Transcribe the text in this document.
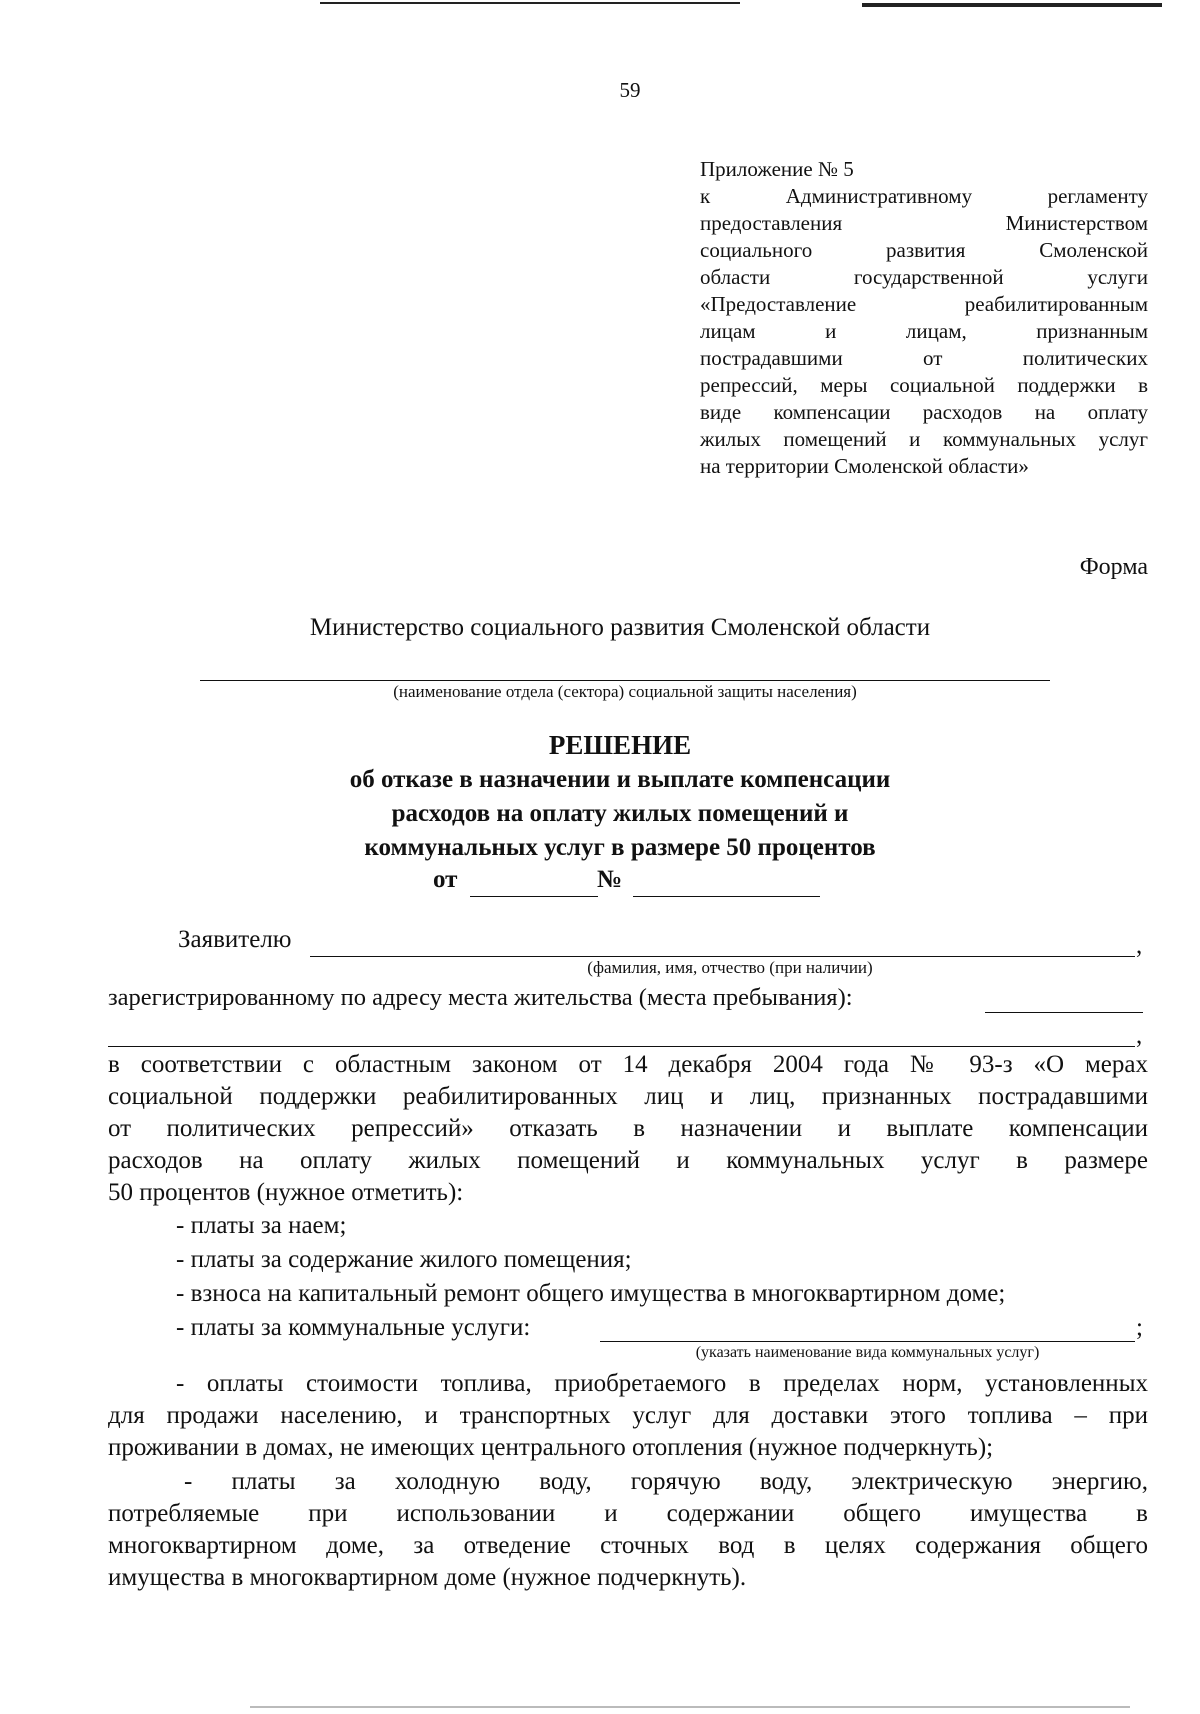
59
Приложение № 5
к Административному регламенту
предоставления Министерством
социального развития Смоленской
области государственной услуги
«Предоставление реабилитированным
лицам и лицам, признанным
пострадавшими от политических
репрессий, меры социальной поддержки в
виде компенсации расходов на оплату
жилых помещений и коммунальных услуг
на территории Смоленской области»
Форма
Министерство социального развития Смоленской области
(наименование отдела (сектора) социальной защиты населения)
РЕШЕНИЕ
об отказе в назначении и выплате компенсации
расходов на оплату жилых помещений и
коммунальных услуг в размере 50 процентов
от	№
Заявителю	,
(фамилия, имя, отчество (при наличии)
зарегистрированному по адресу места жительства (места пребывания):
,
в соответствии с областным законом от 14 декабря 2004 года № 93-з «О мерах
социальной поддержки реабилитированных лиц и лиц, признанных пострадавшими
от политических репрессий» отказать в назначении и выплате компенсации
расходов на оплату жилых помещений и коммунальных услуг в размере
50 процентов (нужное отметить):
- платы за наем;
- платы за содержание жилого помещения;
- взноса на капитальный ремонт общего имущества в многоквартирном доме;
- платы за коммунальные услуги:	;
(указать наименование вида коммунальных услуг)
- оплаты стоимости топлива, приобретаемого в пределах норм, установленных
для продажи населению, и транспортных услуг для доставки этого топлива – при
проживании в домах, не имеющих центрального отопления (нужное подчеркнуть);
- платы за холодную воду, горячую воду, электрическую энергию,
потребляемые при использовании и содержании общего имущества в
многоквартирном доме, за отведение сточных вод в целях содержания общего
имущества в многоквартирном доме (нужное подчеркнуть).
